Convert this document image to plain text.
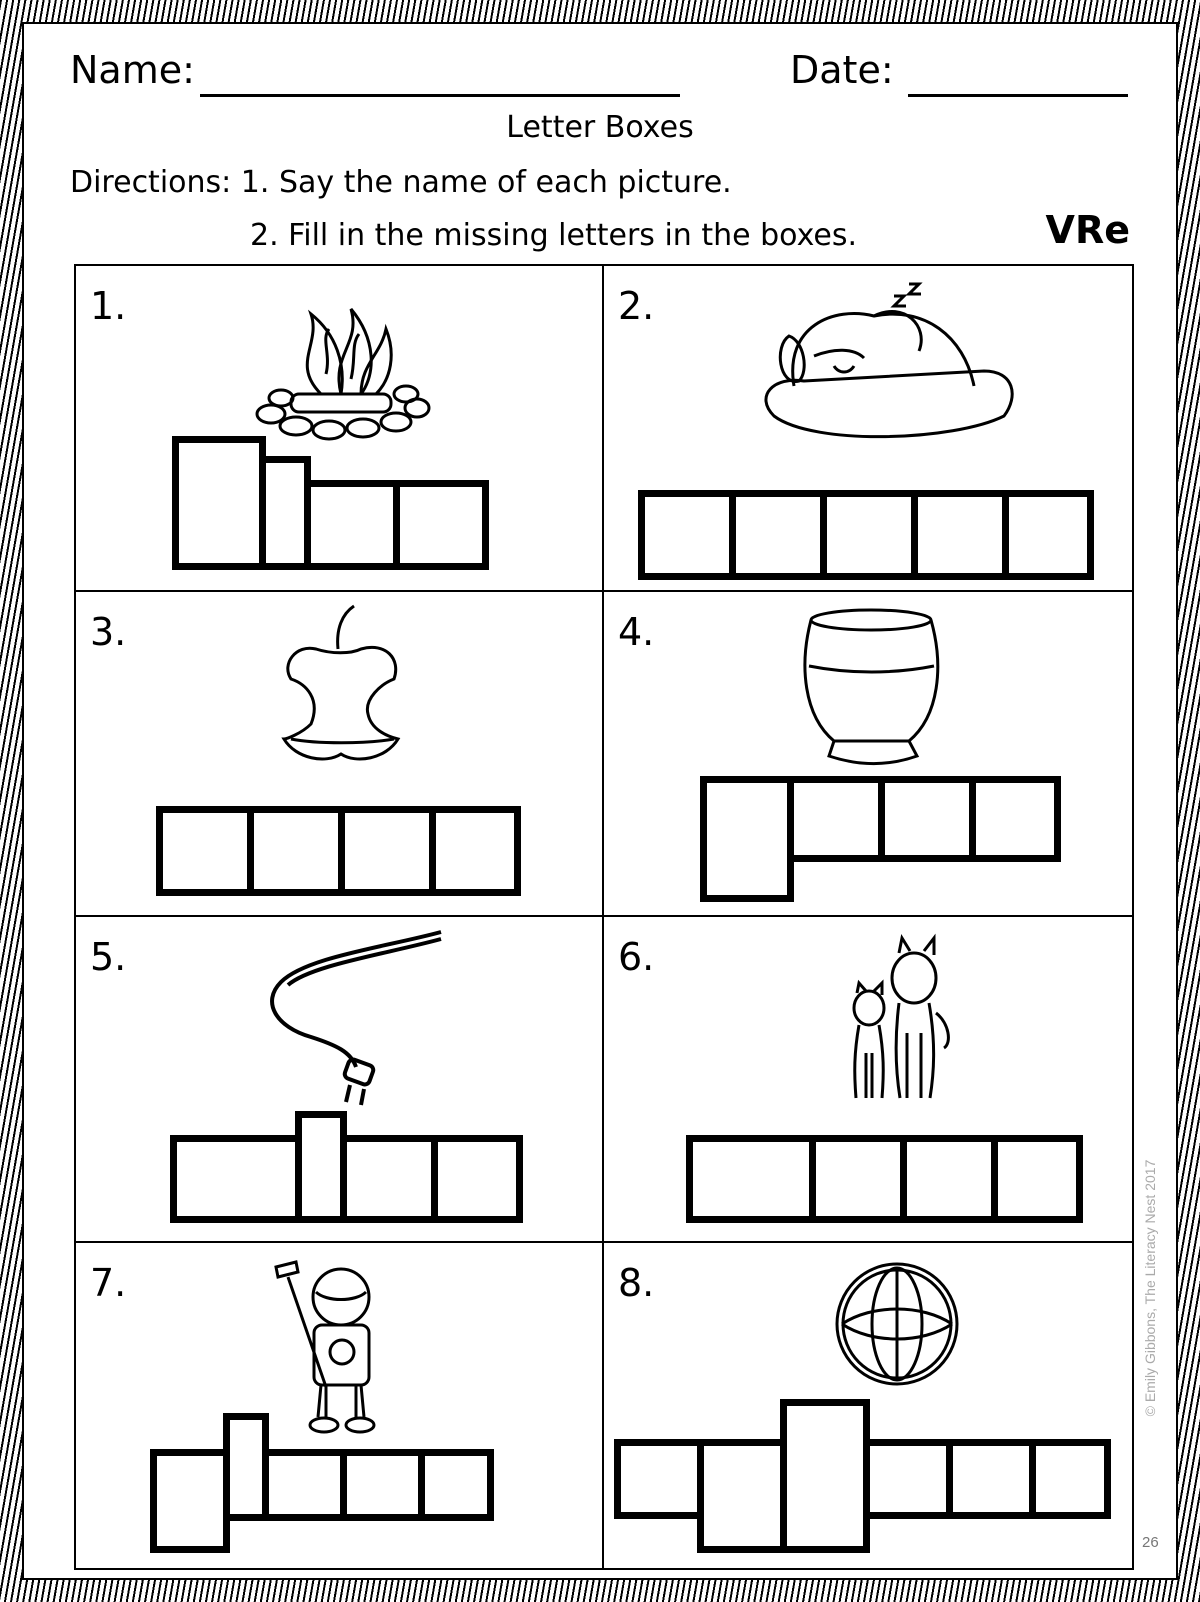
Name:	Date:
Letter Boxes
Directions: 1. Say the name of each picture.
2. Fill in the missing letters in the boxes.	VRe
1.	2.
3.	4.
5.	6.
7.	8.	© Emily Gibbons, The Literacy Nest 2017
26
